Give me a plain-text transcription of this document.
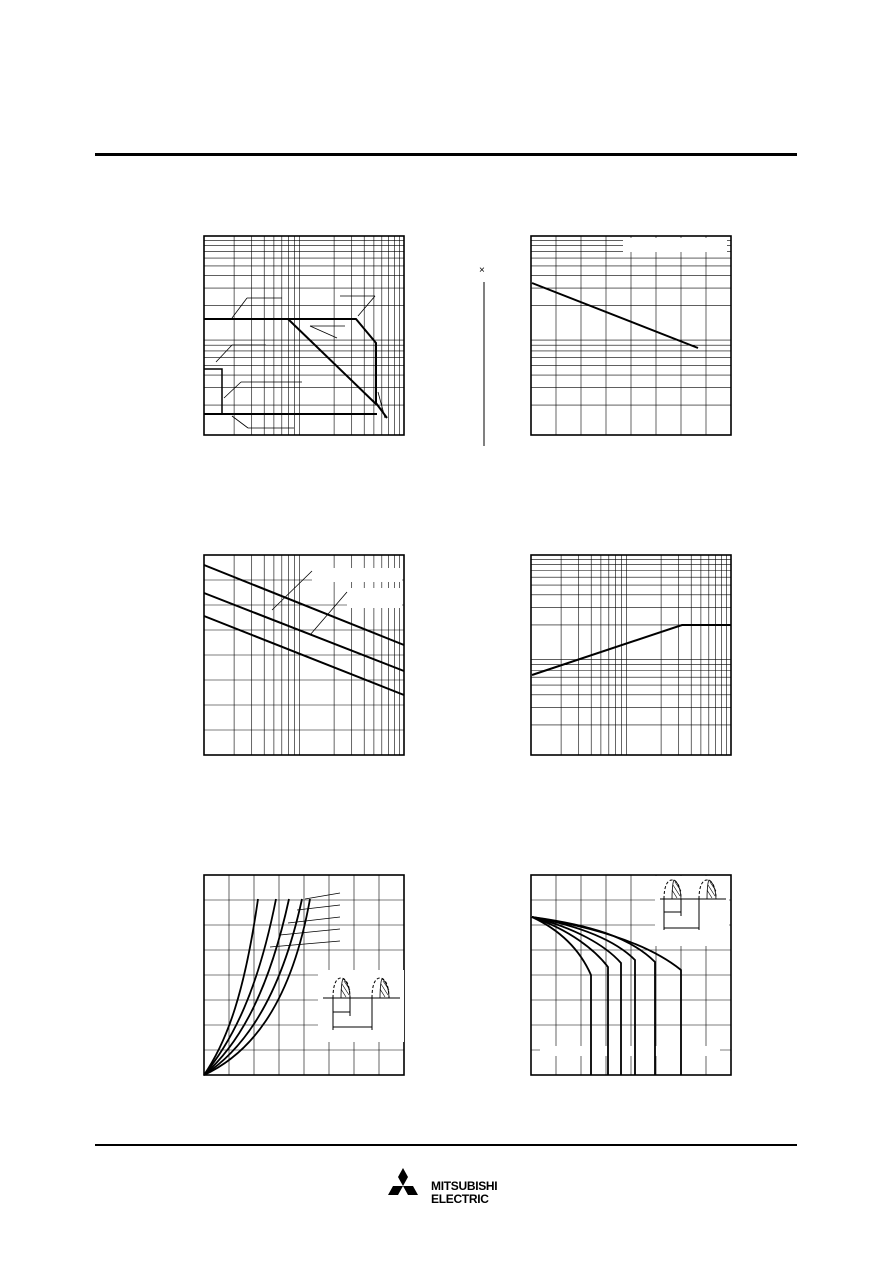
×
MITSUBISHI
ELECTRIC
